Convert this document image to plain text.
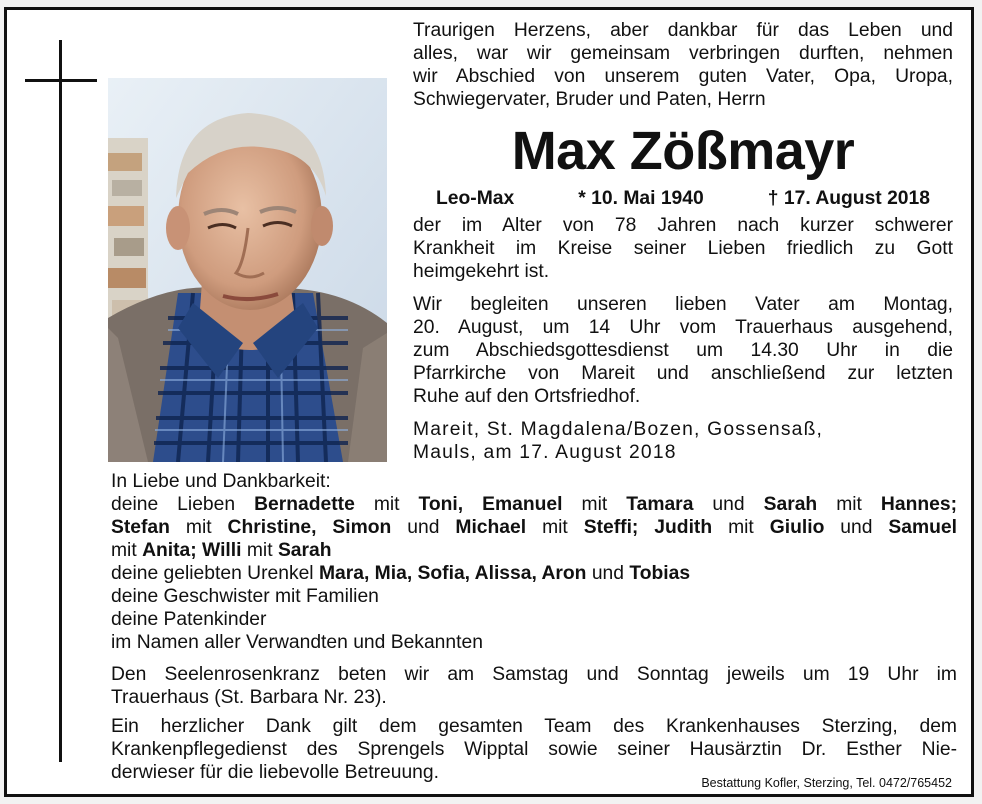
Traurigen Herzens, aber dankbar für das Leben und
alles, war wir gemeinsam verbringen durften, nehmen
wir Abschied von unserem guten Vater, Opa, Uropa,
Schwiegervater, Bruder und Paten, Herrn
Max Zößmayr
Leo-Max	* 10. Mai 1940	† 17. August 2018
der im Alter von 78 Jahren nach kurzer schwerer
Krankheit im Kreise seiner Lieben friedlich zu Gott
heimgekehrt ist.
Wir begleiten unseren lieben Vater am Montag,
20. August, um 14 Uhr vom Trauerhaus ausgehend,
zum Abschiedsgottesdienst um 14.30 Uhr in die
Pfarrkirche von Mareit und anschließend zur letzten
Ruhe auf den Ortsfriedhof.
Mareit, St. Magdalena/Bozen, Gossensaß,
Mauls, am 17. August 2018
In Liebe und Dankbarkeit:
deine Lieben Bernadette mit Toni, Emanuel mit Tamara und Sarah mit Hannes;
Stefan mit Christine, Simon und Michael mit Steffi; Judith mit Giulio und Samuel
mit Anita; Willi mit Sarah
deine geliebten Urenkel Mara, Mia, Sofia, Alissa, Aron und Tobias
deine Geschwister mit Familien
deine Patenkinder
im Namen aller Verwandten und Bekannten
Den Seelenrosenkranz beten wir am Samstag und Sonntag jeweils um 19 Uhr im
Trauerhaus (St. Barbara Nr. 23).
Ein herzlicher Dank gilt dem gesamten Team des Krankenhauses Sterzing, dem
Krankenpflegedienst des Sprengels Wipptal sowie seiner Hausärztin Dr. Esther Nie-
derwieser für die liebevolle Betreuung.	Bestattung Kofler, Sterzing, Tel. 0472/765452
